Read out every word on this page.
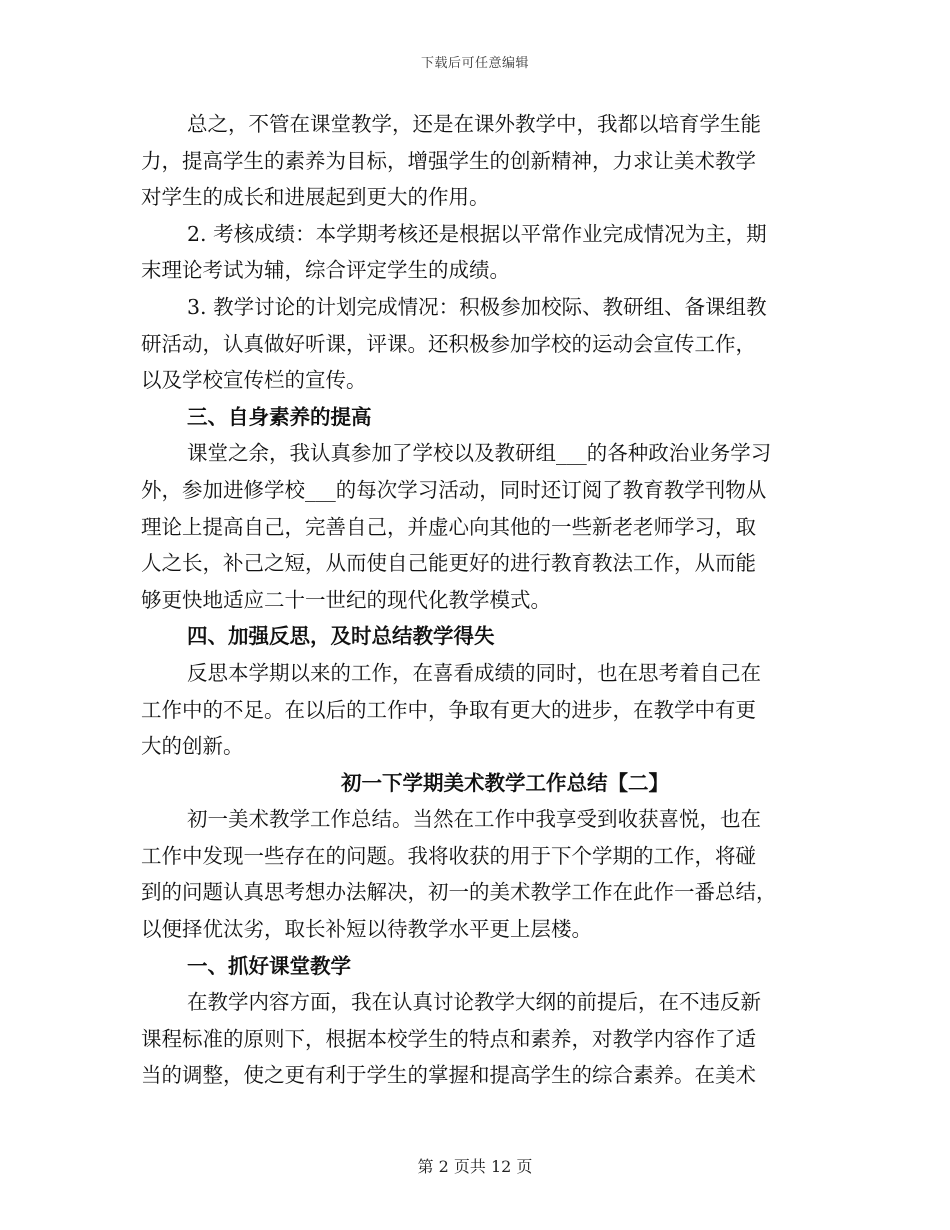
下载后可任意编辑
总之，不管在课堂教学，还是在课外教学中，我都以培育学生能
力，提高学生的素养为目标，增强学生的创新精神，力求让美术教学
对学生的成长和进展起到更大的作用。
2. 考核成绩：本学期考核还是根据以平常作业完成情况为主，期
末理论考试为辅，综合评定学生的成绩。
3. 教学讨论的计划完成情况：积极参加校际、教研组、备课组教
研活动，认真做好听课，评课。还积极参加学校的运动会宣传工作，
以及学校宣传栏的宣传。
三、自身素养的提高
课堂之余，我认真参加了学校以及教研组___的各种政治业务学习
外，参加进修学校___的每次学习活动，同时还订阅了教育教学刊物从
理论上提高自己，完善自己，并虚心向其他的一些新老老师学习，取
人之长，补己之短，从而使自己能更好的进行教育教法工作，从而能
够更快地适应二十一世纪的现代化教学模式。
四、加强反思，及时总结教学得失
反思本学期以来的工作，在喜看成绩的同时，也在思考着自己在
工作中的不足。在以后的工作中，争取有更大的进步，在教学中有更
大的创新。
初一下学期美术教学工作总结【二】
初一美术教学工作总结。当然在工作中我享受到收获喜悦，也在
工作中发现一些存在的问题。我将收获的用于下个学期的工作，将碰
到的问题认真思考想办法解决，初一的美术教学工作在此作一番总结，
以便择优汰劣，取长补短以待教学水平更上层楼。
一、抓好课堂教学
在教学内容方面，我在认真讨论教学大纲的前提后，在不违反新
课程标准的原则下，根据本校学生的特点和素养，对教学内容作了适
当的调整，使之更有利于学生的掌握和提高学生的综合素养。在美术
第 2 页共 12 页
